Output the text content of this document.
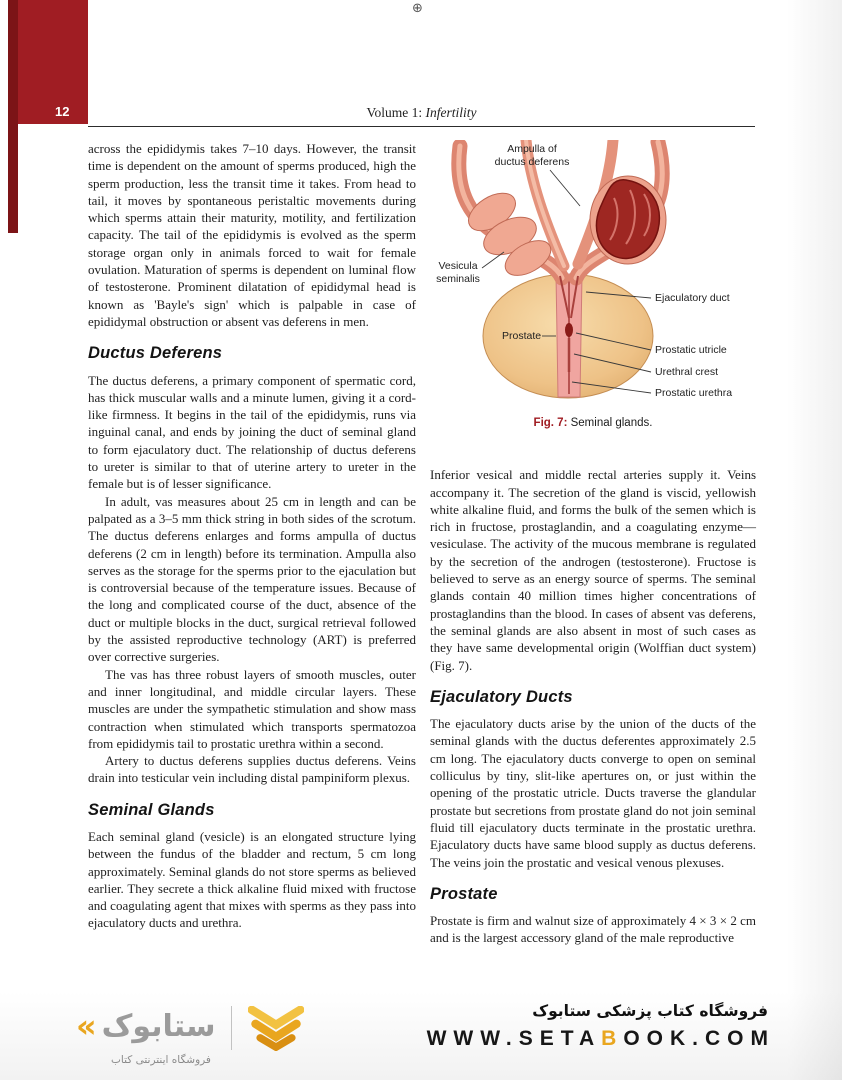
⊕
12	Volume 1: Infertility

across the epididymis takes 7–10 days. However, the transit time is dependent on the amount of sperms produced, high the sperm production, less the transit time it takes. From head to tail, it moves by spontaneous peristaltic movements during which sperms attain their maturity, motility, and fertilization capacity. The tail of the epididymis is evolved as the sperm storage organ only in animals forced to wait for female ovulation. Maturation of sperms is dependent on luminal flow of testosterone. Prominent dilatation of epididymal head is known as 'Bayle's sign' which is palpable in case of epididymal obstruction or absent vas deferens in men.

Ductus Deferens

The ductus deferens, a primary component of spermatic cord, has thick muscular walls and a minute lumen, giving it a cord-like firmness. It begins in the tail of the epididymis, runs via inguinal canal, and ends by joining the duct of seminal gland to form ejaculatory duct. The relationship of ductus deferens to ureter is similar to that of uterine artery to ureter in the female but is of lesser significance.

In adult, vas measures about 25 cm in length and can be palpated as a 3–5 mm thick string in both sides of the scrotum. The ductus deferens enlarges and forms ampulla of ductus deferens (2 cm in length) before its termination. Ampulla also serves as the storage for the sperms prior to the ejaculation but is controversial because of the temperature issues. Because of the long and complicated course of the duct, absence of the duct or multiple blocks in the duct, surgical retrieval followed by the assisted reproductive technology (ART) is preferred over corrective surgeries.

The vas has three robust layers of smooth muscles, outer and inner longitudinal, and middle circular layers. These muscles are under the sympathetic stimulation and show mass contraction when stimulated which transports spermatozoa from epididymis tail to prostatic urethra within a second.

Artery to ductus deferens supplies ductus deferens. Veins drain into testicular vein including distal pampiniform plexus.

Seminal Glands

Each seminal gland (vesicle) is an elongated structure lying between the fundus of the bladder and rectum, 5 cm long approximately. Seminal glands do not store sperms as believed earlier. They secrete a thick alkaline fluid mixed with fructose and coagulating agent that mixes with sperms as they pass into ejaculatory ducts and urethra.

Ampulla of
ductus deferens
Vesicula
seminalis
Prostate
Ejaculatory duct
Prostatic utricle
Urethral crest
Prostatic urethra
Fig. 7: Seminal glands.

Inferior vesical and middle rectal arteries supply it. Veins accompany it. The secretion of the gland is viscid, yellowish white alkaline fluid, and forms the bulk of the semen which is rich in fructose, prostaglandin, and a coagulating enzyme—vesiculase. The activity of the mucous membrane is regulated by the secretion of the androgen (testosterone). Fructose is believed to serve as an energy source of sperms. The seminal glands contain 40 million times higher concentrations of prostaglandins than the blood. In cases of absent vas deferens, the seminal glands are also absent in most of such cases as they have same developmental origin (Wolffian duct system) (Fig. 7).

Ejaculatory Ducts

The ejaculatory ducts arise by the union of the ducts of the seminal glands with the ductus deferentes approximately 2.5 cm long. The ejaculatory ducts converge to open on seminal colliculus by tiny, slit-like apertures on, or just within the opening of the prostatic utricle. Ducts traverse the glandular prostate but secretions from prostate gland do not join seminal fluid till ejaculatory ducts terminate in the prostatic urethra. Ejaculatory ducts have same blood supply as ductus deferens. The veins join the prostatic and vesical venous plexuses.

Prostate

Prostate is firm and walnut size of approximately 4 × 3 × 2 cm and is the largest accessory gland of the male reproductive

« ستابوک
فروشگاه اینترنتی کتاب
فروشگاه کتاب پزشکی ستابوک
WWW.SETABOOK.COM
